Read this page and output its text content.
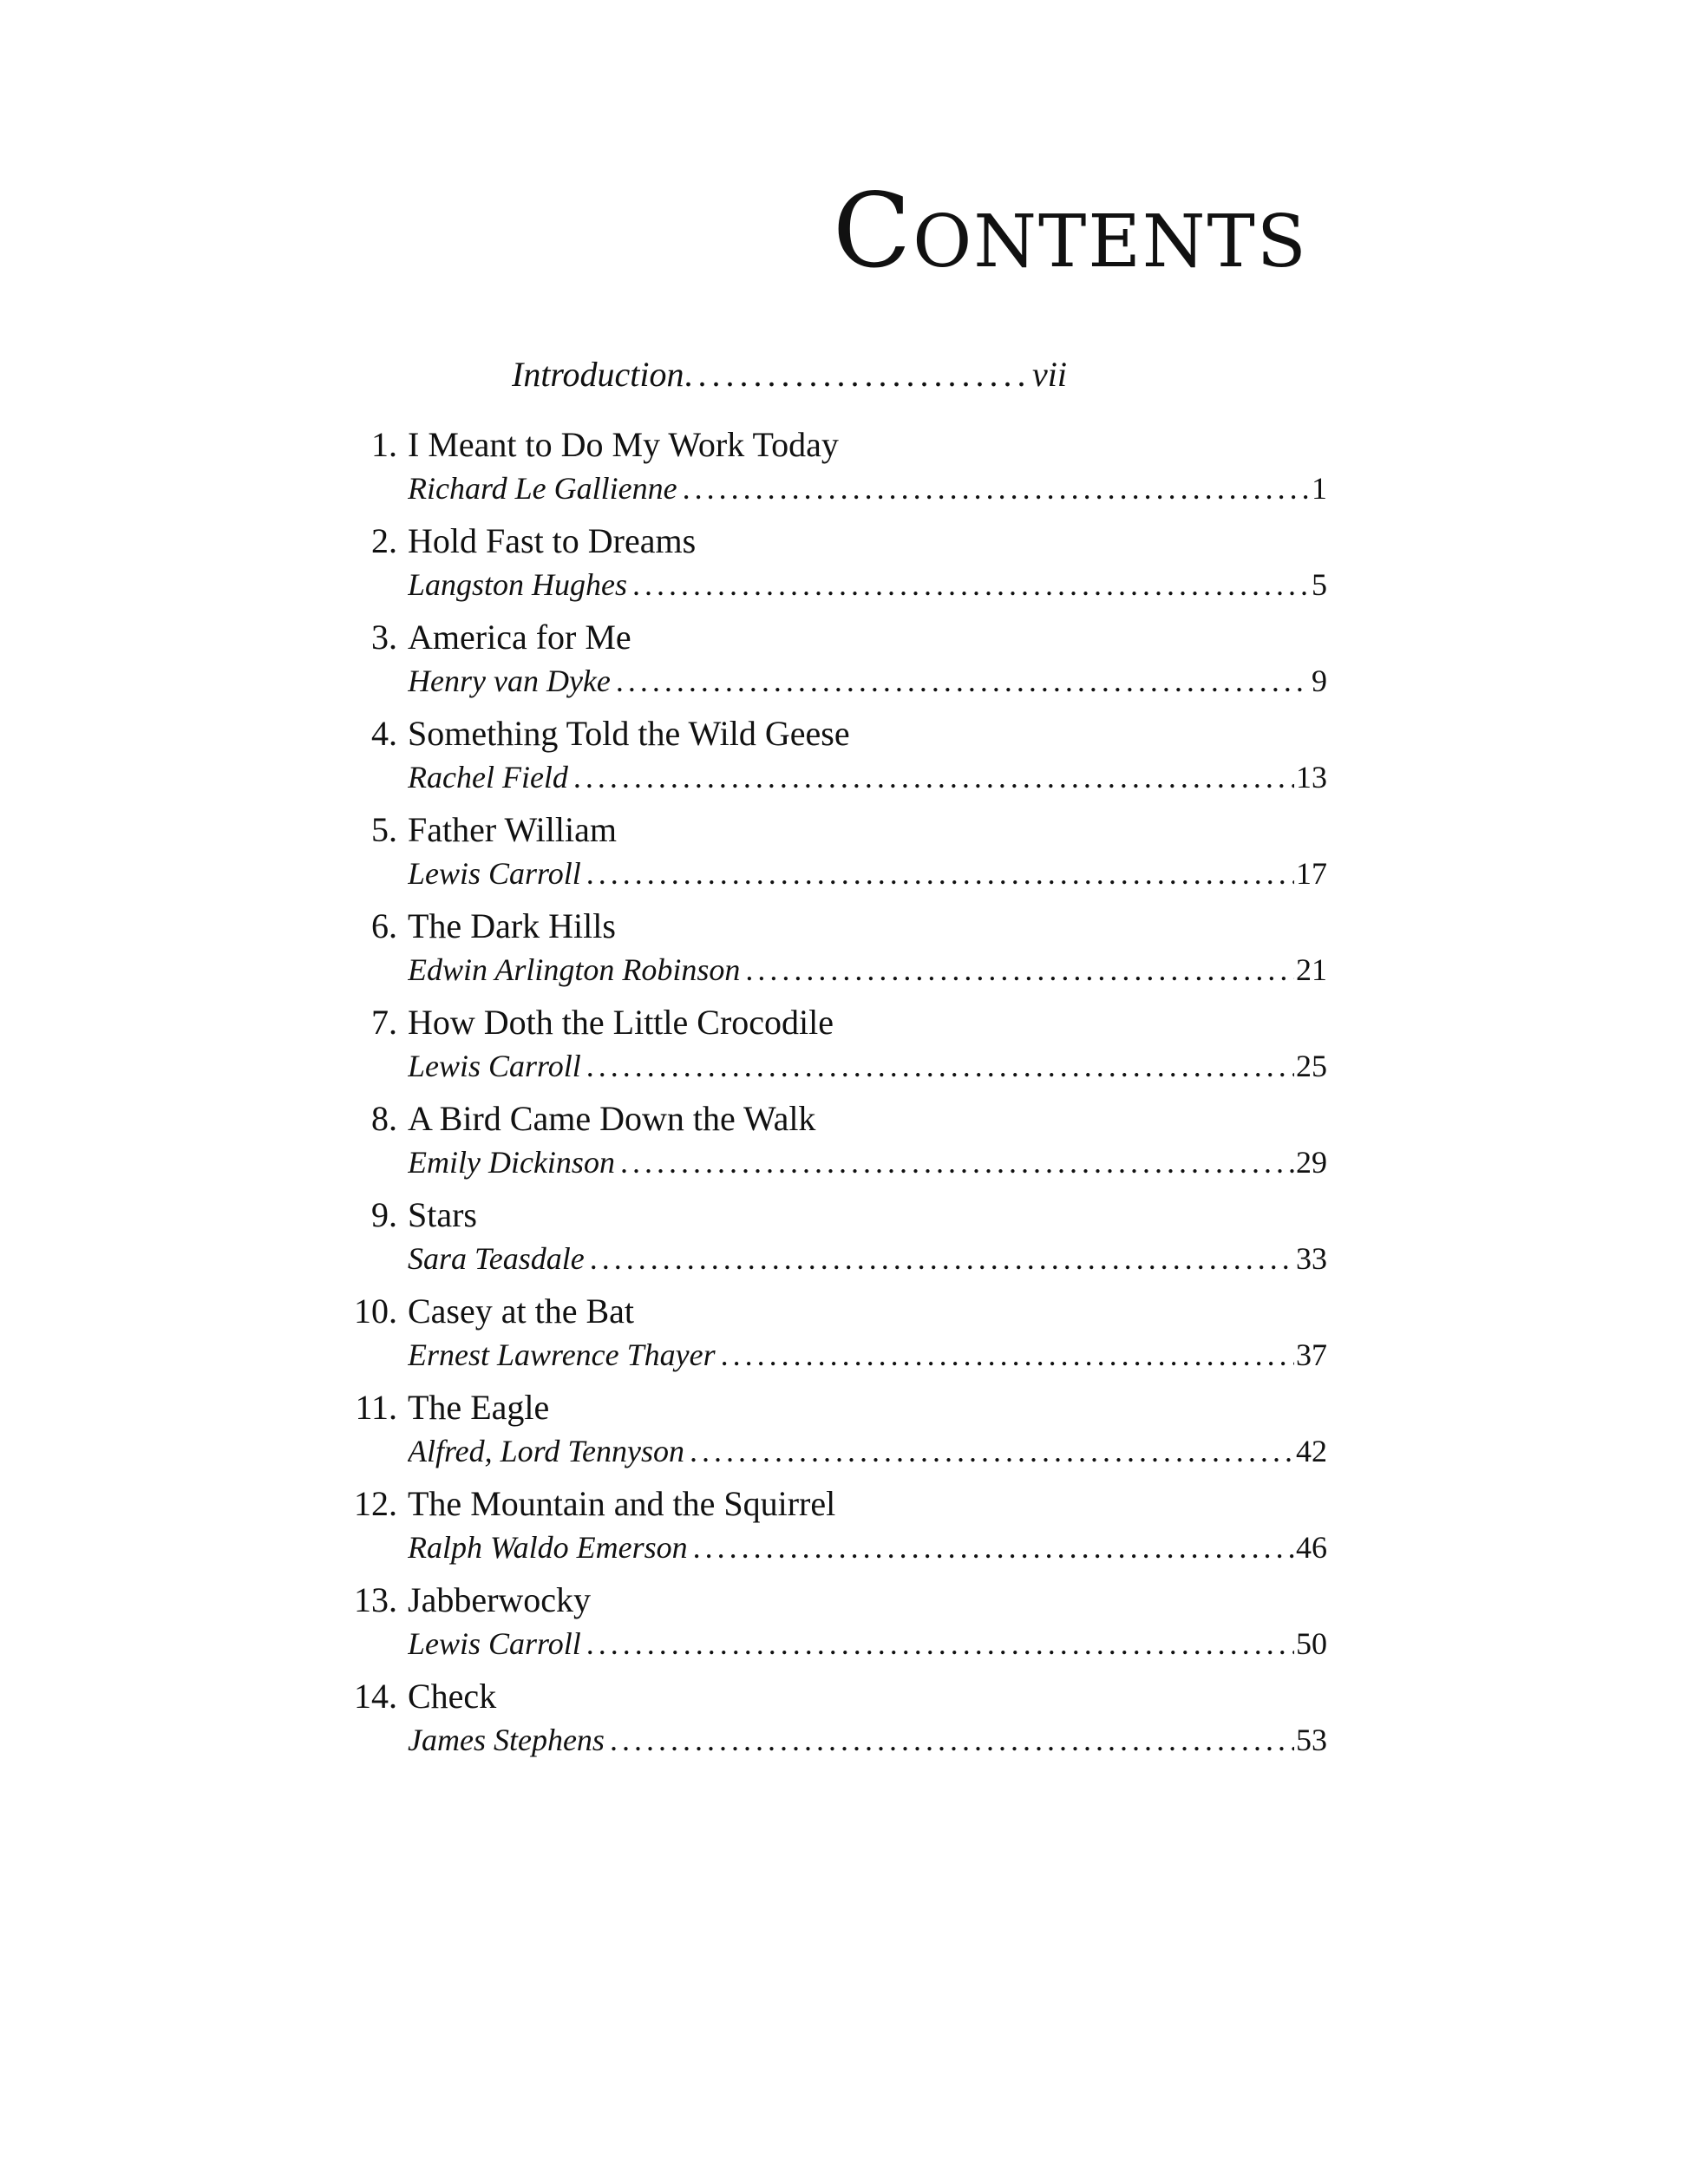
Contents
Introduction . . .	vii
1. I Meant to Do My Work Today
Richard Le Gallienne . . .	1
2. Hold Fast to Dreams
Langston Hughes . . .	5
3. America for Me
Henry van Dyke . . .	9
4. Something Told the Wild Geese
Rachel Field . . .	13
5. Father William
Lewis Carroll . . .	17
6. The Dark Hills
Edwin Arlington Robinson . . .	21
7. How Doth the Little Crocodile
Lewis Carroll . . .	25
8. A Bird Came Down the Walk
Emily Dickinson . . .	29
9. Stars
Sara Teasdale . . .	33
10. Casey at the Bat
Ernest Lawrence Thayer . . .	37
11. The Eagle
Alfred, Lord Tennyson . . .	42
12. The Mountain and the Squirrel
Ralph Waldo Emerson . . .	46
13. Jabberwocky
Lewis Carroll . . .	50
14. Check
James Stephens . . .	53
